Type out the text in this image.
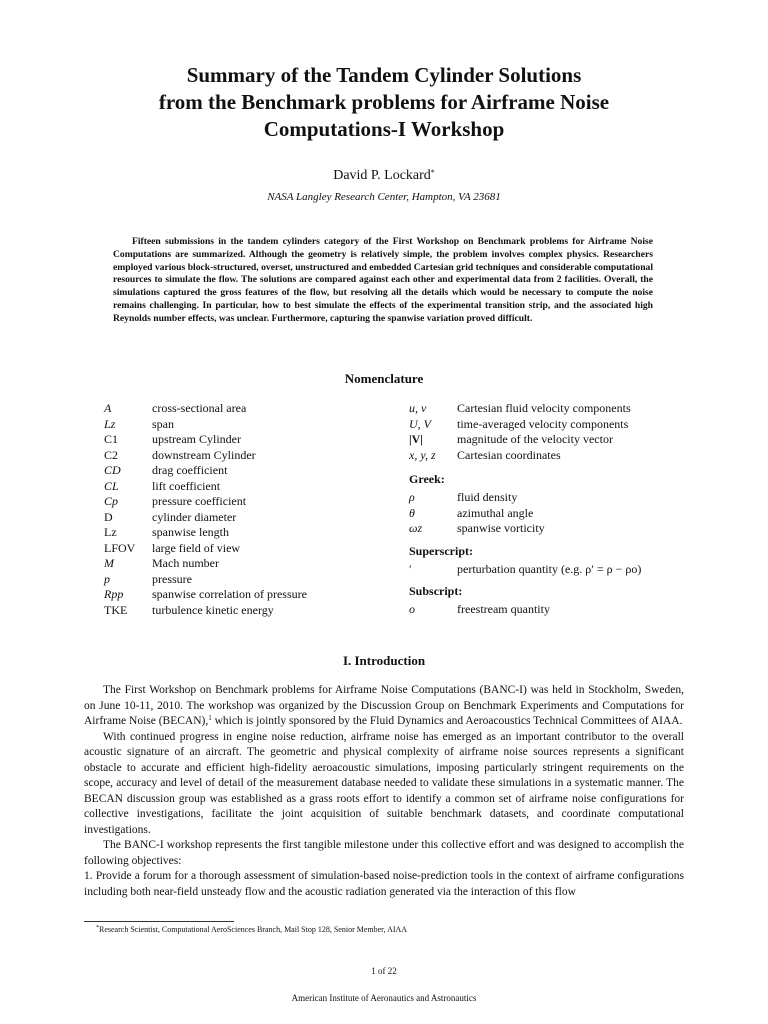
Summary of the Tandem Cylinder Solutions
from the Benchmark problems for Airframe Noise
Computations-I Workshop
David P. Lockard*
NASA Langley Research Center, Hampton, VA 23681
Fifteen submissions in the tandem cylinders category of the First Workshop on Benchmark problems for Airframe Noise Computations are summarized. Although the geometry is relatively simple, the problem involves complex physics. Researchers employed various block-structured, overset, unstructured and embedded Cartesian grid techniques and considerable computational resources to simulate the flow. The solutions are compared against each other and experimental data from 2 facilities. Overall, the simulations captured the gross features of the flow, but resolving all the details which would be necessary to compute the noise remains challenging. In particular, how to best simulate the effects of the experimental transition strip, and the associated high Reynolds number effects, was unclear. Furthermore, capturing the spanwise variation proved difficult.
Nomenclature
A	cross-sectional area
Lz	span
C1	upstream Cylinder
C2	downstream Cylinder
CD	drag coefficient
CL	lift coefficient
Cp	pressure coefficient
D	cylinder diameter
Lz	spanwise length
LFOV large field of view
M	Mach number
p	pressure
Rpp spanwise correlation of pressure
TKE turbulence kinetic energy
u, v	Cartesian fluid velocity components
U, V time-averaged velocity components
|V|	magnitude of the velocity vector
x, y, z Cartesian coordinates
Greek:
ρ	fluid density
θ	azimuthal angle
ωz	spanwise vorticity
Superscript:
′	perturbation quantity (e.g. ρ′ = ρ − ρo)
Subscript:
o	freestream quantity
I. Introduction

The First Workshop on Benchmark problems for Airframe Noise Computations (BANC-I) was held in Stockholm, Sweden, on June 10-11, 2010. The workshop was organized by the Discussion Group on Benchmark Experiments and Computations for Airframe Noise (BECAN),$^1$ which is jointly sponsored by the Fluid Dynamics and Aeroacoustics Technical Committees of AIAA.

With continued progress in engine noise reduction, airframe noise has emerged as an important contributor to the overall acoustic signature of an aircraft. The geometric and physical complexity of airframe noise sources represents a significant obstacle to accurate and efficient high-fidelity aeroacoustic simulations, imposing particularly stringent requirements on the scope, accuracy and level of detail of the measurement database needed to validate these simulations in a systematic manner. The BECAN discussion group was established as a grass roots effort to identify a common set of airframe noise configurations for collective investigations, facilitate the joint acquisition of suitable benchmark datasets, and coordinate computational investigations.

The BANC-I workshop represents the first tangible milestone under this collective effort and was designed to accomplish the following objectives:

1. Provide a forum for a thorough assessment of simulation-based noise-prediction tools in the context of airframe configurations including both near-field unsteady flow and the acoustic radiation generated via the interaction of this flow

*Research Scientist, Computational AeroSciences Branch, Mail Stop 128, Senior Member, AIAA
1 of 22
American Institute of Aeronautics and Astronautics
